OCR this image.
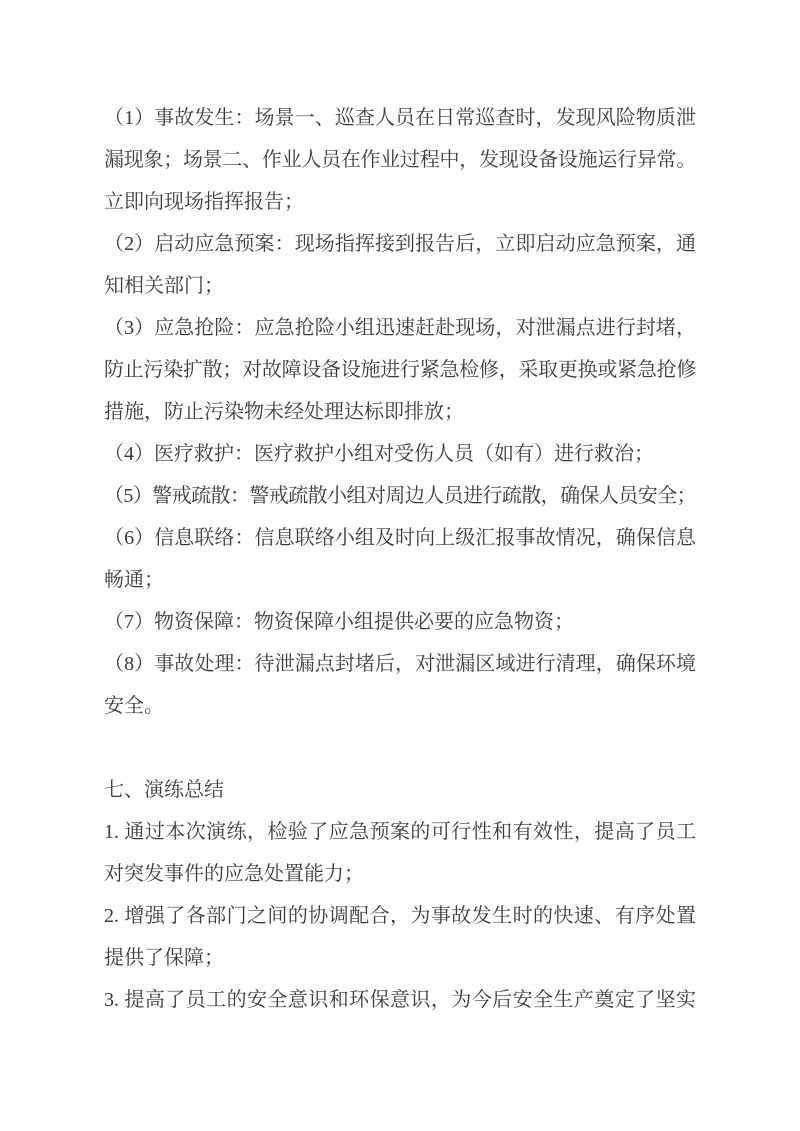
（1）事故发生：场景一、巡查人员在日常巡查时，发现风险物质泄
漏现象；场景二、作业人员在作业过程中，发现设备设施运行异常。
立即向现场指挥报告；
（2）启动应急预案：现场指挥接到报告后，立即启动应急预案，通
知相关部门；
（3）应急抢险：应急抢险小组迅速赶赴现场，对泄漏点进行封堵，
防止污染扩散；对故障设备设施进行紧急检修，采取更换或紧急抢修
措施，防止污染物未经处理达标即排放；
（4）医疗救护：医疗救护小组对受伤人员（如有）进行救治；
（5）警戒疏散：警戒疏散小组对周边人员进行疏散，确保人员安全；
（6）信息联络：信息联络小组及时向上级汇报事故情况，确保信息
畅通；
（7）物资保障：物资保障小组提供必要的应急物资；
（8）事故处理：待泄漏点封堵后，对泄漏区域进行清理，确保环境
安全。
七、演练总结
1. 通过本次演练，检验了应急预案的可行性和有效性，提高了员工
对突发事件的应急处置能力；
2. 增强了各部门之间的协调配合，为事故发生时的快速、有序处置
提供了保障；
3. 提高了员工的安全意识和环保意识，为今后安全生产奠定了坚实
